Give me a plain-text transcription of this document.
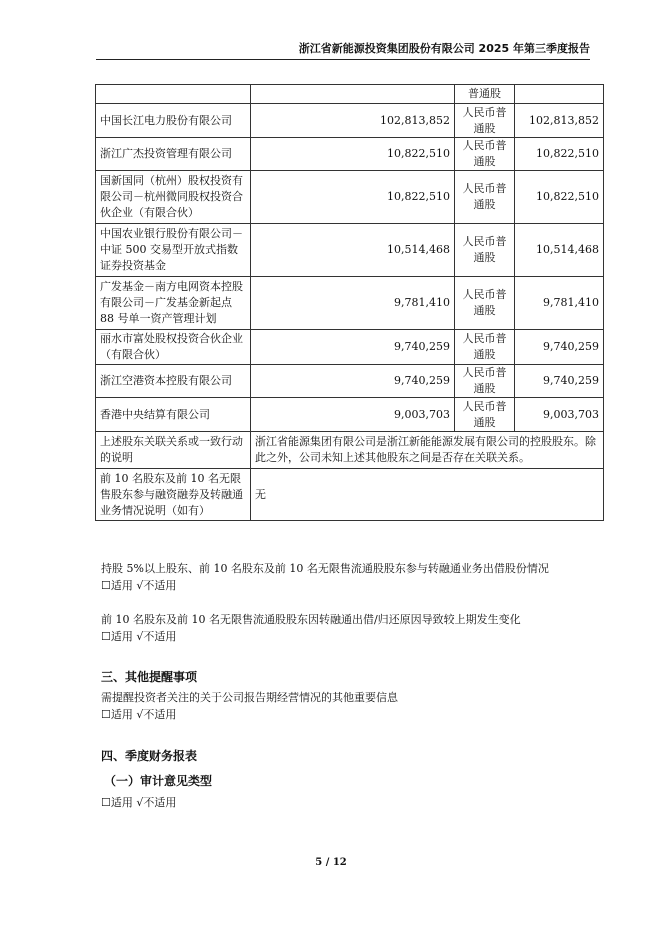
浙江省新能源投资集团股份有限公司 2025 年第三季度报告
		普通股	
中国长江电力股份有限公司	102,813,852	人民币普通股	102,813,852
浙江广杰投资管理有限公司	10,822,510	人民币普通股	10,822,510
国新国同（杭州）股权投资有限公司－杭州微同股权投资合伙企业（有限合伙）	10,822,510	人民币普通股	10,822,510
中国农业银行股份有限公司－中证 500 交易型开放式指数证券投资基金	10,514,468	人民币普通股	10,514,468
广发基金－南方电网资本控股有限公司－广发基金新起点 88 号单一资产管理计划	9,781,410	人民币普通股	9,781,410
丽水市富处股权投资合伙企业（有限合伙）	9,740,259	人民币普通股	9,740,259
浙江空港资本控股有限公司	9,740,259	人民币普通股	9,740,259
香港中央结算有限公司	9,003,703	人民币普通股	9,003,703
上述股东关联关系或一致行动的说明	浙江省能源集团有限公司是浙江新能能源发展有限公司的控股股东。除此之外，公司未知上述其他股东之间是否存在关联关系。		
前 10 名股东及前 10 名无限售股东参与融资融券及转融通业务情况说明（如有）	无		
持股 5%以上股东、前 10 名股东及前 10 名无限售流通股股东参与转融通业务出借股份情况
☐适用 √不适用
前 10 名股东及前 10 名无限售流通股股东因转融通出借/归还原因导致较上期发生变化
☐适用 √不适用
三、其他提醒事项
需提醒投资者关注的关于公司报告期经营情况的其他重要信息
☐适用 √不适用
四、季度财务报表
（一）审计意见类型
☐适用 √不适用
5 / 12
